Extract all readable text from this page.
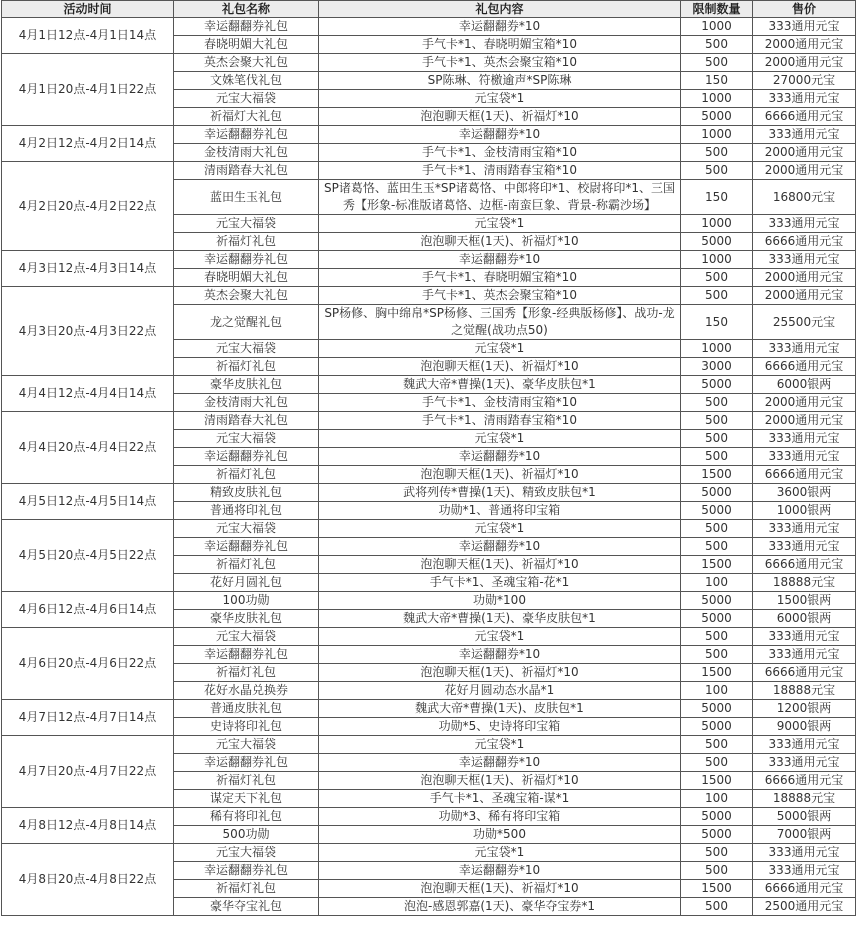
活动时间	礼包名称	礼包内容	限制数量	售价
4月1日12点-4月1日14点	幸运翻翻券礼包	幸运翻翻券*10	1000	333通用元宝
	春晓明媚大礼包	手气卡*1、春晓明媚宝箱*10	500	2000通用元宝
4月1日20点-4月1日22点	英杰会聚大礼包	手气卡*1、英杰会聚宝箱*10	500	2000通用元宝
	文姝笔伐礼包	SP陈琳、符檄逾声*SP陈琳	150	27000元宝
	元宝大福袋	元宝袋*1	1000	333通用元宝
	祈福灯大礼包	泡泡聊天框(1天)、祈福灯*10	5000	6666通用元宝
4月2日12点-4月2日14点	幸运翻翻券礼包	幸运翻翻券*10	1000	333通用元宝
	金枝清雨大礼包	手气卡*1、金枝清雨宝箱*10	500	2000通用元宝
4月2日20点-4月2日22点	清雨踏春大礼包	手气卡*1、清雨踏春宝箱*10	500	2000通用元宝
	蓝田生玉礼包	SP诸葛恪、蓝田生玉*SP诸葛恪、中郎将印*1、校尉将印*1、三国秀【形象-标准版诸葛恪、边框-南蛮巨象、背景-称霸沙场】	150	16800元宝
	元宝大福袋	元宝袋*1	1000	333通用元宝
	祈福灯礼包	泡泡聊天框(1天)、祈福灯*10	5000	6666通用元宝
4月3日12点-4月3日14点	幸运翻翻券礼包	幸运翻翻券*10	1000	333通用元宝
	春晓明媚大礼包	手气卡*1、春晓明媚宝箱*10	500	2000通用元宝
4月3日20点-4月3日22点	英杰会聚大礼包	手气卡*1、英杰会聚宝箱*10	500	2000通用元宝
	龙之觉醒礼包	SP杨修、胸中绵帛*SP杨修、三国秀【形象-经典版杨修】、战功-龙之觉醒(战功点50)	150	25500元宝
	元宝大福袋	元宝袋*1	1000	333通用元宝
	祈福灯礼包	泡泡聊天框(1天)、祈福灯*10	3000	6666通用元宝
4月4日12点-4月4日14点	豪华皮肤礼包	魏武大帝*曹操(1天)、豪华皮肤包*1	5000	6000银两
	金枝清雨大礼包	手气卡*1、金枝清雨宝箱*10	500	2000通用元宝
4月4日20点-4月4日22点	清雨踏春大礼包	手气卡*1、清雨踏春宝箱*10	500	2000通用元宝
	元宝大福袋	元宝袋*1	500	333通用元宝
	幸运翻翻券礼包	幸运翻翻券*10	500	333通用元宝
	祈福灯礼包	泡泡聊天框(1天)、祈福灯*10	1500	6666通用元宝
4月5日12点-4月5日14点	精致皮肤礼包	武将列传*曹操(1天)、精致皮肤包*1	5000	3600银两
	普通将印礼包	功勋*1、普通将印宝箱	5000	1000银两
4月5日20点-4月5日22点	元宝大福袋	元宝袋*1	500	333通用元宝
	幸运翻翻券礼包	幸运翻翻券*10	500	333通用元宝
	祈福灯礼包	泡泡聊天框(1天)、祈福灯*10	1500	6666通用元宝
	花好月圆礼包	手气卡*1、圣魂宝箱-花*1	100	18888元宝
4月6日12点-4月6日14点	100功勋	功勋*100	5000	1500银两
	豪华皮肤礼包	魏武大帝*曹操(1天)、豪华皮肤包*1	5000	6000银两
4月6日20点-4月6日22点	元宝大福袋	元宝袋*1	500	333通用元宝
	幸运翻翻券礼包	幸运翻翻券*10	500	333通用元宝
	祈福灯礼包	泡泡聊天框(1天)、祈福灯*10	1500	6666通用元宝
	花好水晶兑换券	花好月圆动态水晶*1	100	18888元宝
4月7日12点-4月7日14点	普通皮肤礼包	魏武大帝*曹操(1天)、皮肤包*1	5000	1200银两
	史诗将印礼包	功勋*5、史诗将印宝箱	5000	9000银两
4月7日20点-4月7日22点	元宝大福袋	元宝袋*1	500	333通用元宝
	幸运翻翻券礼包	幸运翻翻券*10	500	333通用元宝
	祈福灯礼包	泡泡聊天框(1天)、祈福灯*10	1500	6666通用元宝
	谋定天下礼包	手气卡*1、圣魂宝箱-谋*1	100	18888元宝
4月8日12点-4月8日14点	稀有将印礼包	功勋*3、稀有将印宝箱	5000	5000银两
	500功勋	功勋*500	5000	7000银两
4月8日20点-4月8日22点	元宝大福袋	元宝袋*1	500	333通用元宝
	幸运翻翻券礼包	幸运翻翻券*10	500	333通用元宝
	祈福灯礼包	泡泡聊天框(1天)、祈福灯*10	1500	6666通用元宝
	豪华夺宝礼包	泡泡-感恩郭嘉(1天)、豪华夺宝券*1	500	2500通用元宝
